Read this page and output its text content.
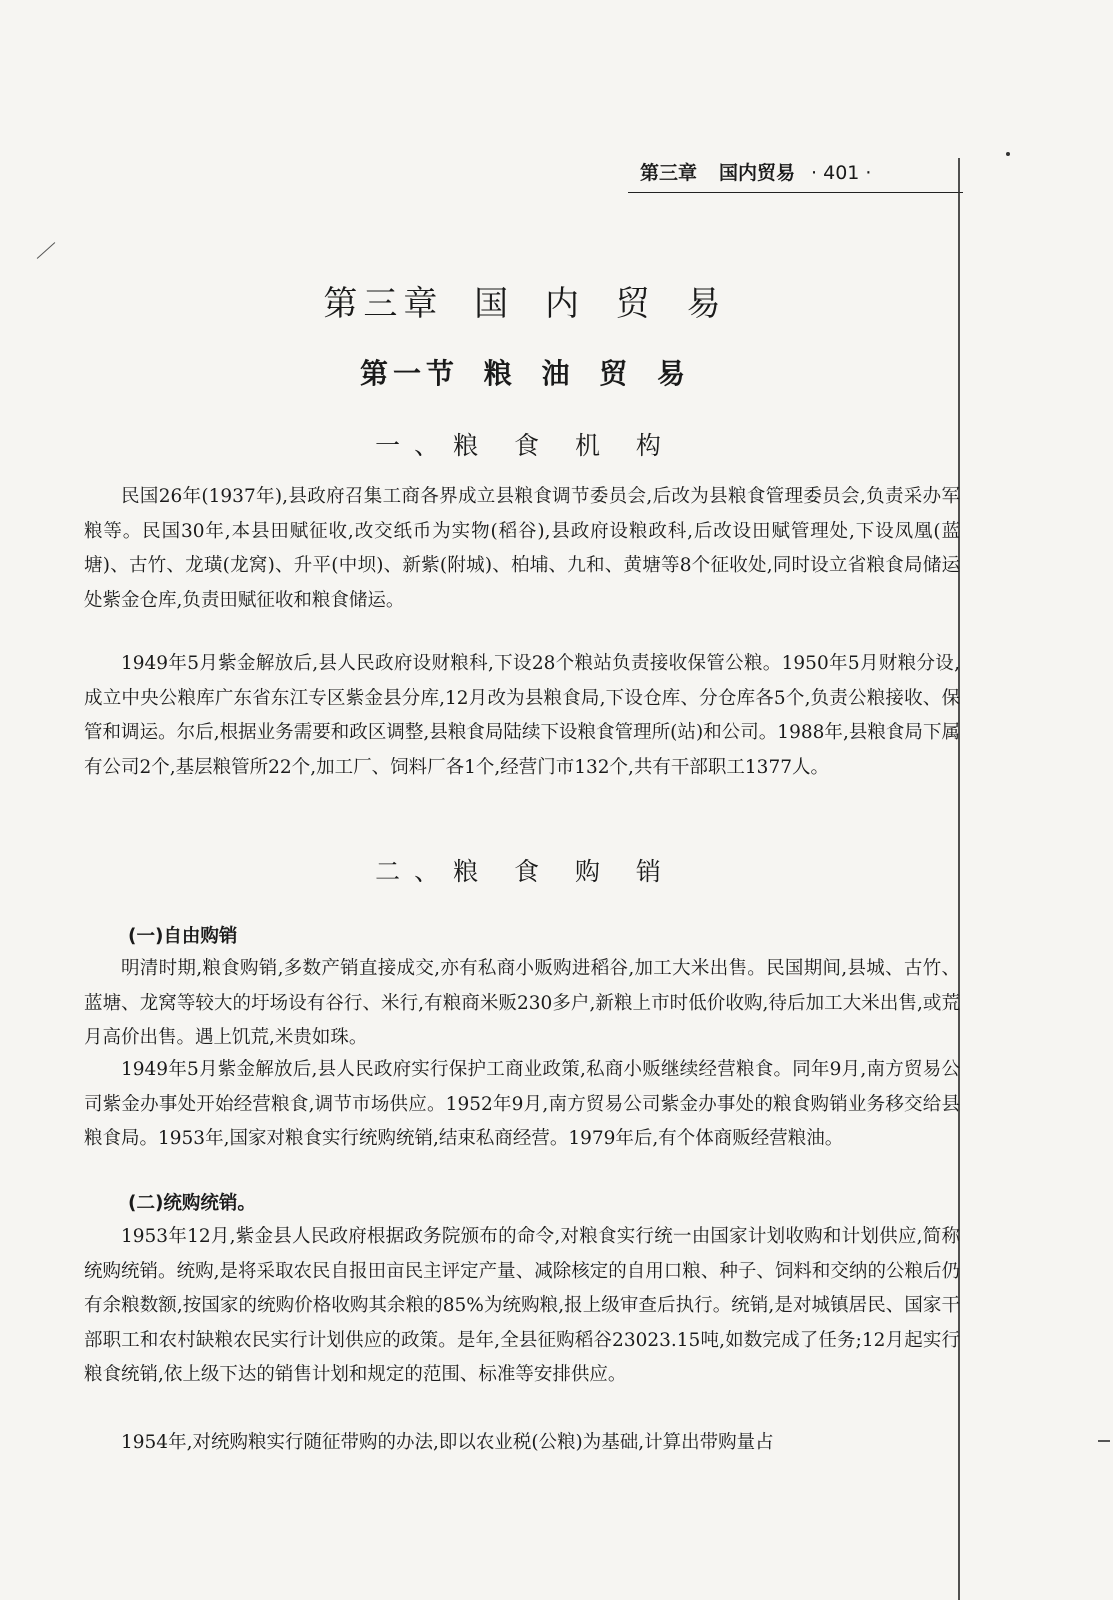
第三章 国内贸易 · 401 ·
第三章 国 内 贸 易
第一节 粮 油 贸 易
一、粮 食 机 构

民国26年(1937年),县政府召集工商各界成立县粮食调节委员会,后改为县粮食管理委员会,负责采办军粮等。民国30年,本县田赋征收,改交纸币为实物(稻谷),县政府设粮政科,后改设田赋管理处,下设凤凰(蓝塘)、古竹、龙璜(龙窝)、升平(中坝)、新紫(附城)、柏埔、九和、黄塘等8个征收处,同时设立省粮食局储运处紫金仓库,负责田赋征收和粮食储运。

1949年5月紫金解放后,县人民政府设财粮科,下设28个粮站负责接收保管公粮。1950年5月财粮分设,成立中央公粮库广东省东江专区紫金县分库,12月改为县粮食局,下设仓库、分仓库各5个,负责公粮接收、保管和调运。尔后,根据业务需要和政区调整,县粮食局陆续下设粮食管理所(站)和公司。1988年,县粮食局下属有公司2个,基层粮管所22个,加工厂、饲料厂各1个,经营门市132个,共有干部职工1377人。

二、粮 食 购 销

(一)自由购销

明清时期,粮食购销,多数产销直接成交,亦有私商小贩购进稻谷,加工大米出售。民国期间,县城、古竹、蓝塘、龙窝等较大的圩场设有谷行、米行,有粮商米贩230多户,新粮上市时低价收购,待后加工大米出售,或荒月高价出售。遇上饥荒,米贵如珠。

1949年5月紫金解放后,县人民政府实行保护工商业政策,私商小贩继续经营粮食。同年9月,南方贸易公司紫金办事处开始经营粮食,调节市场供应。1952年9月,南方贸易公司紫金办事处的粮食购销业务移交给县粮食局。1953年,国家对粮食实行统购统销,结束私商经营。1979年后,有个体商贩经营粮油。

(二)统购统销。

1953年12月,紫金县人民政府根据政务院颁布的命令,对粮食实行统一由国家计划收购和计划供应,简称统购统销。统购,是将采取农民自报田亩民主评定产量、减除核定的自用口粮、种子、饲料和交纳的公粮后仍有余粮数额,按国家的统购价格收购其余粮的85%为统购粮,报上级审查后执行。统销,是对城镇居民、国家干部职工和农村缺粮农民实行计划供应的政策。是年,全县征购稻谷23023.15吨,如数完成了任务;12月起实行粮食统销,依上级下达的销售计划和规定的范围、标准等安排供应。

1954年,对统购粮实行随征带购的办法,即以农业税(公粮)为基础,计算出带购量占
